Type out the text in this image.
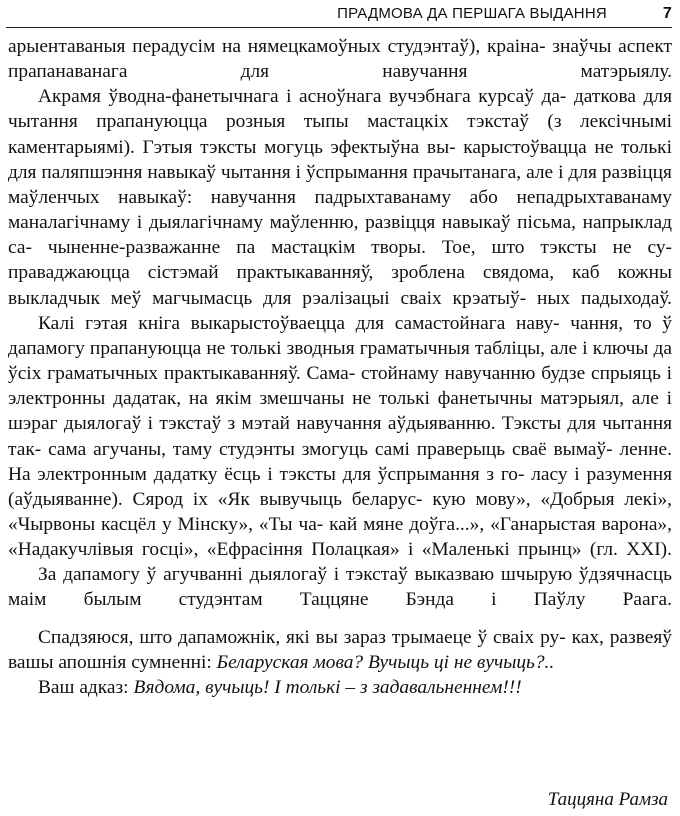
ПРАДМОВА ДА ПЕРШАГА ВЫДАННЯ	7

арыентаваныя перадусім на нямецкамоўных студэнтаў), краіна- знаўчы аспект прапанаванага для навучання матэрыялу.

Акрамя ўводна-фанетычнага і асноўнага вучэбнага курсаў да- даткова для чытання прапануюцца розныя тыпы мастацкіх тэкстаў (з лексічнымі каментарыямі). Гэтыя тэксты могуць эфектыўна вы- карыстоўвацца не толькі для паляпшэння навыкаў чытання і ўспрымання прачытанага, але і для развіцця маўленчых навыкаў: навучання падрыхтаванаму або непадрыхтаванаму маналагічнаму і дыялагічнаму маўленню, развіцця навыкаў пісьма, напрыклад са- чыненне-разважанне па мастацкім творы. Тое, што тэксты не су- праваджаюцца сістэмай практыкаванняў, зроблена свядома, каб кожны выкладчык меў магчымасць для рэалізацыі сваіх крэатыў- ных падыходаў.

Калі гэтая кніга выкарыстоўваецца для самастойнага наву- чання, то ў дапамогу прапануюцца не толькі зводныя граматычныя табліцы, але і ключы да ўсіх граматычных практыкаванняў. Сама- стойнаму навучанню будзе спрыяць і электронны дадатак, на якім змешчаны не толькі фанетычны матэрыял, але і шэраг дыялогаў і тэкстаў з мэтай навучання аўдыяванню. Тэксты для чытання так- сама агучаны, таму студэнты змогуць самі праверыць сваё вымаў- ленне. На электронным дадатку ёсць і тэксты для ўспрымання з го- ласу і разумення (аўдыяванне). Сярод іх «Як вывучыць беларус- кую мову», «Добрыя лекі», «Чырвоны касцёл у Мінску», «Ты ча- кай мяне доўга...», «Ганарыстая варона», «Надакучлівыя госці», «Ефрасіння Полацкая» і «Маленькі прынц» (гл. XXI).

За дапамогу ў агучванні дыялогаў і тэкстаў выказваю шчырую ўдзячнасць маім былым студэнтам Таццяне Бэнда і Паўлу Раага.

Спадзяюся, што дапаможнік, які вы зараз трымаеце ў сваіх ру- ках, развеяў вашы апошнія сумненні: Беларуская мова? Вучыць ці не вучыць?..

Ваш адказ: Вядома, вучыць! І толькі – з задавальненнем!!!

Таццяна Рамза
